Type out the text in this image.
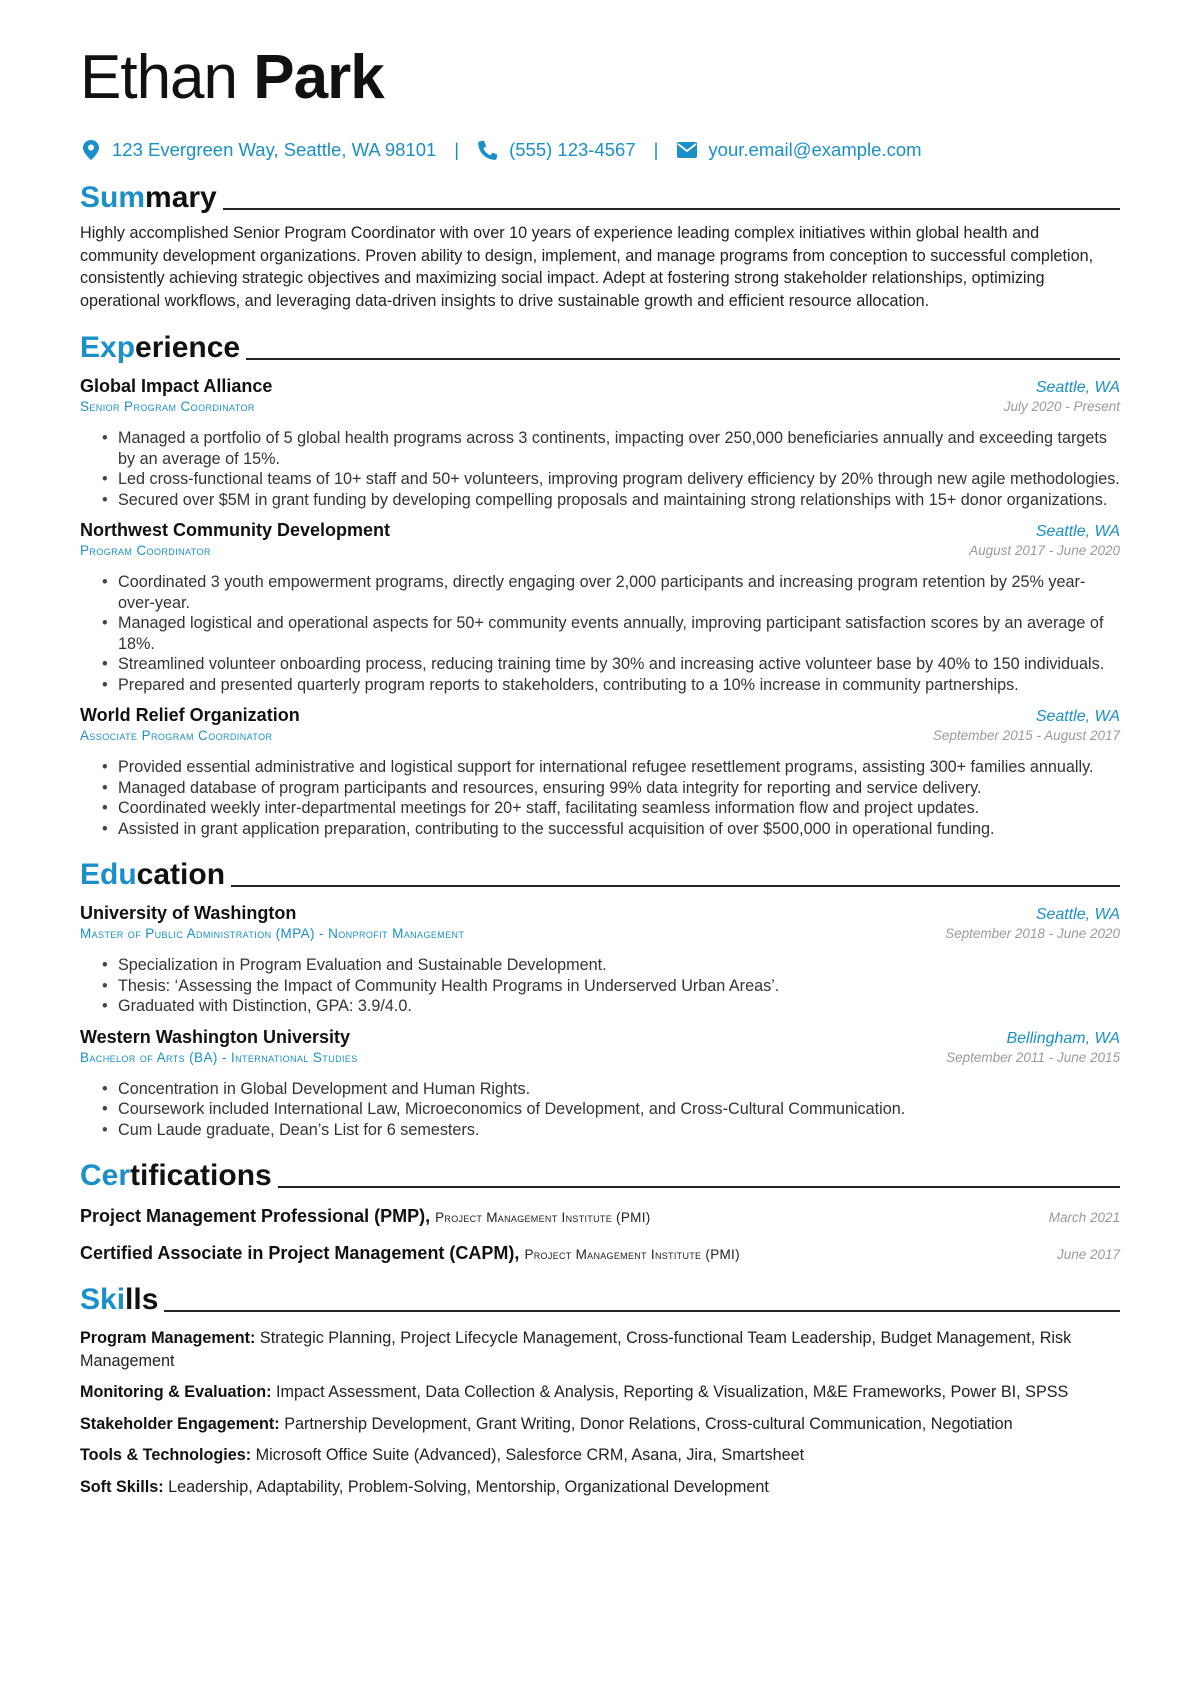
Ethan Park
123 Evergreen Way, Seattle, WA 98101 |	(555) 123-4567 |	your.email@example.com
Summary

Highly accomplished Senior Program Coordinator with over 10 years of experience leading complex initiatives within global health and community development organizations. Proven ability to design, implement, and manage programs from conception to successful completion, consistently achieving strategic objectives and maximizing social impact. Adept at fostering strong stakeholder relationships, optimizing operational workflows, and leveraging data-driven insights to drive sustainable growth and efficient resource allocation.

Experience
Global Impact Alliance	Seattle, WA
Senior Program Coordinator	July 2020 - Present
• Managed a portfolio of 5 global health programs across 3 continents, impacting over 250,000 beneficiaries annually and exceeding targets by an average of 15%.
• Led cross-functional teams of 10+ staff and 50+ volunteers, improving program delivery efficiency by 20% through new agile methodologies.
• Secured over $5M in grant funding by developing compelling proposals and maintaining strong relationships with 15+ donor organizations.
Northwest Community Development	Seattle, WA
Program Coordinator	August 2017 - June 2020
• Coordinated 3 youth empowerment programs, directly engaging over 2,000 participants and increasing program retention by 25% year-over-year.
• Managed logistical and operational aspects for 50+ community events annually, improving participant satisfaction scores by an average of 18%.
• Streamlined volunteer onboarding process, reducing training time by 30% and increasing active volunteer base by 40% to 150 individuals.
• Prepared and presented quarterly program reports to stakeholders, contributing to a 10% increase in community partnerships.
World Relief Organization	Seattle, WA
Associate Program Coordinator	September 2015 - August 2017
• Provided essential administrative and logistical support for international refugee resettlement programs, assisting 300+ families annually.
• Managed database of program participants and resources, ensuring 99% data integrity for reporting and service delivery.
• Coordinated weekly inter-departmental meetings for 20+ staff, facilitating seamless information flow and project updates.
• Assisted in grant application preparation, contributing to the successful acquisition of over $500,000 in operational funding.
Education
University of Washington	Seattle, WA
Master of Public Administration (MPA) - Nonprofit Management	September 2018 - June 2020
• Specialization in Program Evaluation and Sustainable Development.
• Thesis: ‘Assessing the Impact of Community Health Programs in Underserved Urban Areas’.
• Graduated with Distinction, GPA: 3.9/4.0.
Western Washington University	Bellingham, WA
Bachelor of Arts (BA) - International Studies	September 2011 - June 2015
• Concentration in Global Development and Human Rights.
• Coursework included International Law, Microeconomics of Development, and Cross-Cultural Communication.
• Cum Laude graduate, Dean’s List for 6 semesters.
Certifications
Project Management Professional (PMP), Project Management Institute (PMI)	March 2021
Certified Associate in Project Management (CAPM), Project Management Institute (PMI)	June 2017
Skills
Program Management: Strategic Planning, Project Lifecycle Management, Cross-functional Team Leadership, Budget Management, Risk Management
Monitoring & Evaluation: Impact Assessment, Data Collection & Analysis, Reporting & Visualization, M&E Frameworks, Power BI, SPSS
Stakeholder Engagement: Partnership Development, Grant Writing, Donor Relations, Cross-cultural Communication, Negotiation
Tools & Technologies: Microsoft Office Suite (Advanced), Salesforce CRM, Asana, Jira, Smartsheet
Soft Skills: Leadership, Adaptability, Problem-Solving, Mentorship, Organizational Development
